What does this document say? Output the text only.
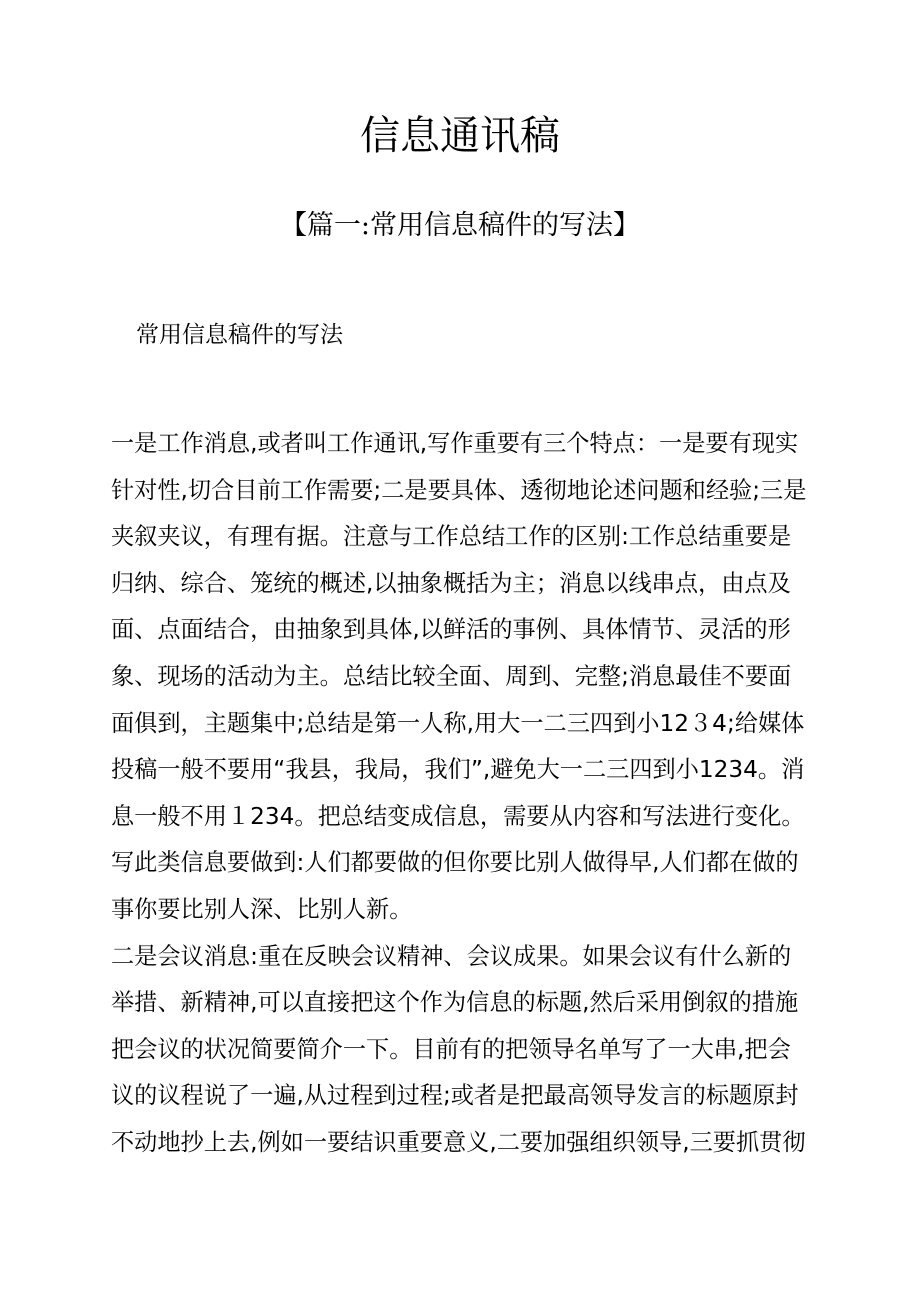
信息通讯稿
【篇一:常用信息稿件的写法】
常用信息稿件的写法
一是工作消息,或者叫工作通讯,写作重要有三个特点：一是要有现实
针对性,切合目前工作需要;二是要具体、透彻地论述问题和经验;三是
夹叙夹议，有理有据。注意与工作总结工作的区别:工作总结重要是
归纳、综合、笼统的概述,以抽象概括为主；消息以线串点，由点及
面、点面结合，由抽象到具体,以鲜活的事例、具体情节、灵活的形
象、现场的活动为主。总结比较全面、周到、完整;消息最佳不要面
面俱到，主题集中;总结是第一人称,用大一二三四到小12３4;给媒体
投稿一般不要用“我县，我局，我们”,避免大一二三四到小1234。消
息一般不用１234。把总结变成信息，需要从内容和写法进行变化。
写此类信息要做到:人们都要做的但你要比别人做得早,人们都在做的
事你要比别人深、比别人新。
二是会议消息:重在反映会议精神、会议成果。如果会议有什么新的
举措、新精神,可以直接把这个作为信息的标题,然后采用倒叙的措施
把会议的状况简要简介一下。目前有的把领导名单写了一大串,把会
议的议程说了一遍,从过程到过程;或者是把最高领导发言的标题原封
不动地抄上去,例如一要结识重要意义,二要加强组织领导,三要抓贯彻
